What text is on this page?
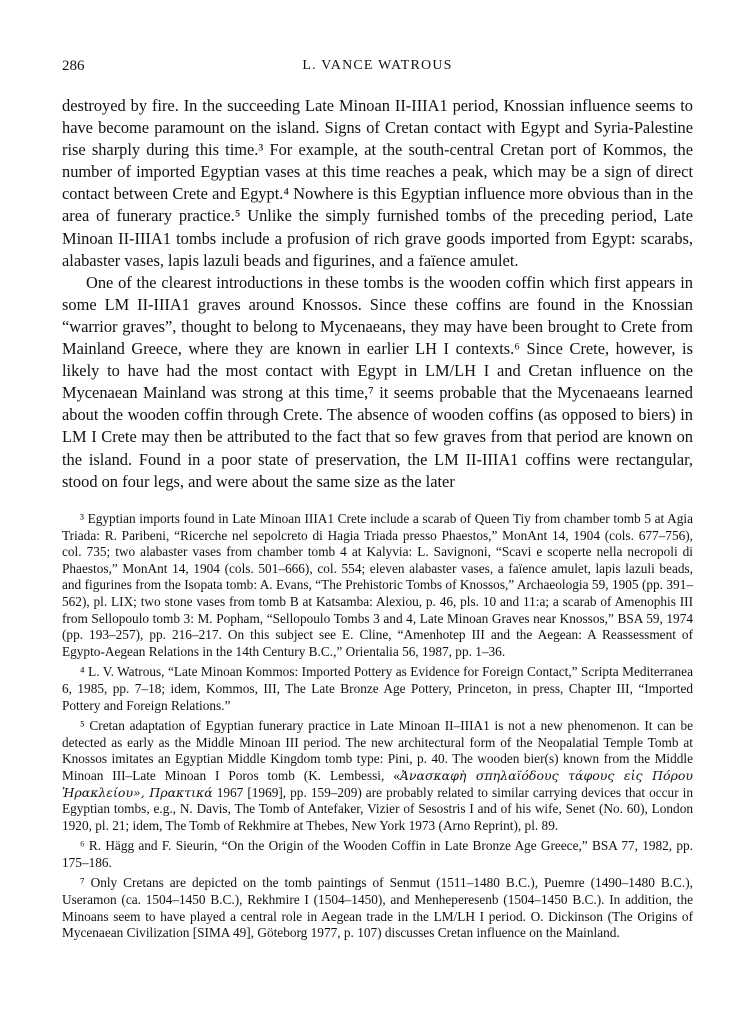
286	L. VANCE WATROUS

destroyed by fire. In the succeeding Late Minoan II-IIIA1 period, Knossian influence seems to have become paramount on the island. Signs of Cretan contact with Egypt and Syria-Palestine rise sharply during this time.³ For example, at the south-central Cretan port of Kommos, the number of imported Egyptian vases at this time reaches a peak, which may be a sign of direct contact between Crete and Egypt.⁴ Nowhere is this Egyptian influence more obvious than in the area of funerary practice.⁵ Unlike the simply furnished tombs of the preceding period, Late Minoan II-IIIA1 tombs include a profusion of rich grave goods imported from Egypt: scarabs, alabaster vases, lapis lazuli beads and figurines, and a faïence amulet.

One of the clearest introductions in these tombs is the wooden coffin which first appears in some LM II-IIIA1 graves around Knossos. Since these coffins are found in the Knossian “warrior graves”, thought to belong to Mycenaeans, they may have been brought to Crete from Mainland Greece, where they are known in earlier LH I contexts.⁶ Since Crete, however, is likely to have had the most contact with Egypt in LM/LH I and Cretan influence on the Mycenaean Mainland was strong at this time,⁷ it seems probable that the Mycenaeans learned about the wooden coffin through Crete. The absence of wooden coffins (as opposed to biers) in LM I Crete may then be attributed to the fact that so few graves from that period are known on the island. Found in a poor state of preservation, the LM II-IIIA1 coffins were rectangular, stood on four legs, and were about the same size as the later

³ Egyptian imports found in Late Minoan IIIA1 Crete include a scarab of Queen Tiy from chamber tomb 5 at Agia Triada: R. Paribeni, “Ricerche nel sepolcreto di Hagia Triada presso Phaestos,” MonAnt 14, 1904 (cols. 677–756), col. 735; two alabaster vases from chamber tomb 4 at Kalyvia: L. Savignoni, “Scavi e scoperte nella necropoli di Phaestos,” MonAnt 14, 1904 (cols. 501–666), col. 554; eleven alabaster vases, a faïence amulet, lapis lazuli beads, and figurines from the Isopata tomb: A. Evans, “The Prehistoric Tombs of Knossos,” Archaeologia 59, 1905 (pp. 391–562), pl. LIX; two stone vases from tomb B at Katsamba: Alexiou, p. 46, pls. 10 and 11:a; a scarab of Amenophis III from Sellopoulo tomb 3: M. Popham, “Sellopoulo Tombs 3 and 4, Late Minoan Graves near Knossos,” BSA 59, 1974 (pp. 193–257), pp. 216–217. On this subject see E. Cline, “Amenhotep III and the Aegean: A Reassessment of Egypto-Aegean Relations in the 14th Century B.C.,” Orientalia 56, 1987, pp. 1–36.

⁴ L. V. Watrous, “Late Minoan Kommos: Imported Pottery as Evidence for Foreign Contact,” Scripta Mediterranea 6, 1985, pp. 7–18; idem, Kommos, III, The Late Bronze Age Pottery, Princeton, in press, Chapter III, “Imported Pottery and Foreign Relations.”

⁵ Cretan adaptation of Egyptian funerary practice in Late Minoan II–IIIA1 is not a new phenomenon. It can be detected as early as the Middle Minoan III period. The new architectural form of the Neopalatial Temple Tomb at Knossos imitates an Egyptian Middle Kingdom tomb type: Pini, p. 40. The wooden bier(s) known from the Middle Minoan III–Late Minoan I Poros tomb (K. Lembessi, «Ἀνασκαφὴ σπηλαϊόδους τάφους εἰς Πόρου Ἡρακλείου», Πρακτικά 1967 [1969], pp. 159–209) are probably related to similar carrying devices that occur in Egyptian tombs, e.g., N. Davis, The Tomb of Antefaker, Vizier of Sesostris I and of his wife, Senet (No. 60), London 1920, pl. 21; idem, The Tomb of Rekhmire at Thebes, New York 1973 (Arno Reprint), pl. 89.

⁶ R. Hägg and F. Sieurin, “On the Origin of the Wooden Coffin in Late Bronze Age Greece,” BSA 77, 1982, pp. 175–186.

⁷ Only Cretans are depicted on the tomb paintings of Senmut (1511–1480 B.C.), Puemre (1490–1480 B.C.), Useramon (ca. 1504–1450 B.C.), Rekhmire I (1504–1450), and Menheperesenb (1504–1450 B.C.). In addition, the Minoans seem to have played a central role in Aegean trade in the LM/LH I period. O. Dickinson (The Origins of Mycenaean Civilization [SIMA 49], Göteborg 1977, p. 107) discusses Cretan influence on the Mainland.
